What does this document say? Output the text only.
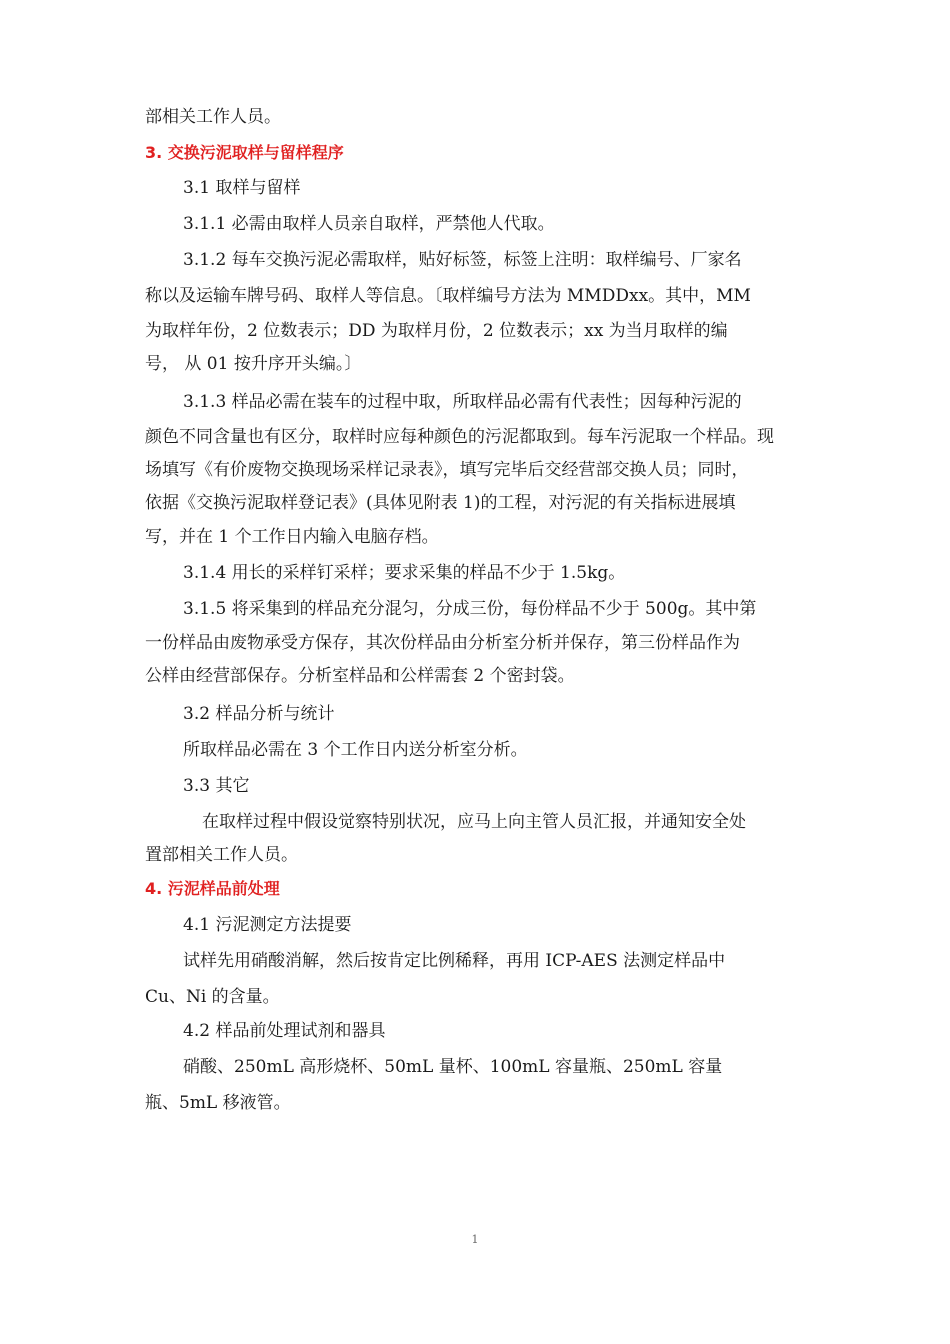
部相关工作人员。
3. 交换污泥取样与留样程序
3.1 取样与留样
3.1.1 必需由取样人员亲自取样，严禁他人代取。
3.1.2 每车交换污泥必需取样，贴好标签，标签上注明：取样编号、厂家名
称以及运输车牌号码、取样人等信息。〔取样编号方法为 MMDDxx。其中，MM
为取样年份，2 位数表示；DD 为取样月份，2 位数表示；xx 为当月取样的编
号， 从 01 按升序开头编。〕
3.1.3 样品必需在装车的过程中取，所取样品必需有代表性；因每种污泥的
颜色不同含量也有区分，取样时应每种颜色的污泥都取到。每车污泥取一个样品。现
场填写《有价废物交换现场采样记录表》，填写完毕后交经营部交换人员；同时，
依据《交换污泥取样登记表》(具体见附表 1)的工程，对污泥的有关指标进展填
写，并在 1 个工作日内输入电脑存档。
3.1.4 用长的采样钉采样；要求采集的样品不少于 1.5kg。
3.1.5 将采集到的样品充分混匀，分成三份，每份样品不少于 500g。其中第
一份样品由废物承受方保存，其次份样品由分析室分析并保存，第三份样品作为
公样由经营部保存。分析室样品和公样需套 2 个密封袋。
3.2 样品分析与统计
所取样品必需在 3 个工作日内送分析室分析。
3.3 其它
在取样过程中假设觉察特别状况，应马上向主管人员汇报，并通知安全处
置部相关工作人员。
4. 污泥样品前处理
4.1 污泥测定方法提要
试样先用硝酸消解，然后按肯定比例稀释，再用 ICP-AES 法测定样品中
Cu、Ni 的含量。
4.2 样品前处理试剂和器具
硝酸、250mL 高形烧杯、50mL 量杯、100mL 容量瓶、250mL 容量
瓶、5mL 移液管。
1
